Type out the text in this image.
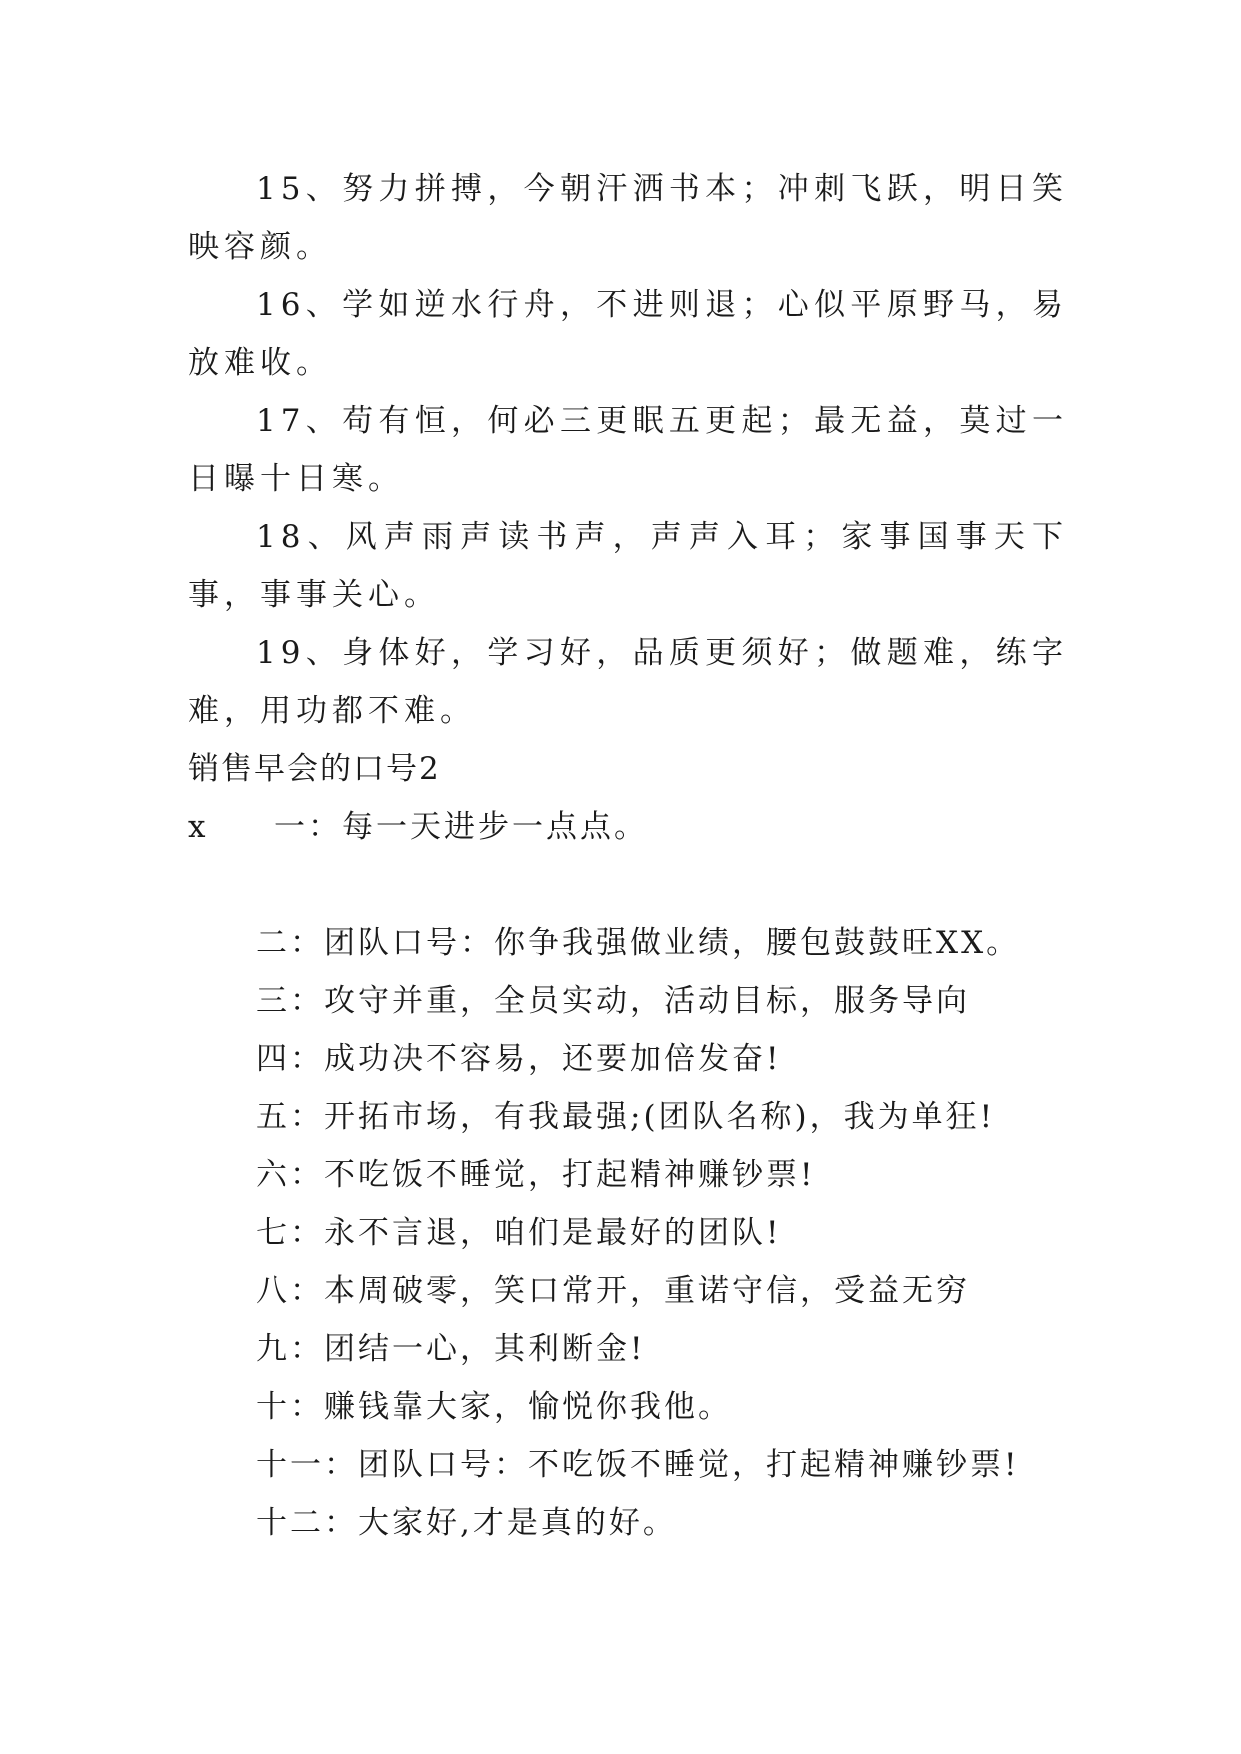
15、努力拼搏，今朝汗洒书本；冲刺飞跃，明日笑映容颜。

16、学如逆水行舟，不进则退；心似平原野马，易放难收。

17、苟有恒，何必三更眠五更起；最无益，莫过一日曝十日寒。

18、风声雨声读书声，声声入耳；家事国事天下事，事事关心。

19、身体好，学习好，品质更须好；做题难，练字难，用功都不难。

销售早会的口号2

x 一：每一天进步一点点。

二：团队口号：你争我强做业绩，腰包鼓鼓旺XX。

三：攻守并重，全员实动，活动目标，服务导向

四：成功决不容易，还要加倍发奋!

五：开拓市场，有我最强;(团队名称)，我为单狂!

六：不吃饭不睡觉，打起精神赚钞票!

七：永不言退，咱们是最好的团队!

八：本周破零，笑口常开，重诺守信，受益无穷

九：团结一心，其利断金!

十：赚钱靠大家，愉悦你我他。

十一：团队口号：不吃饭不睡觉，打起精神赚钞票!

十二：大家好,才是真的好。
